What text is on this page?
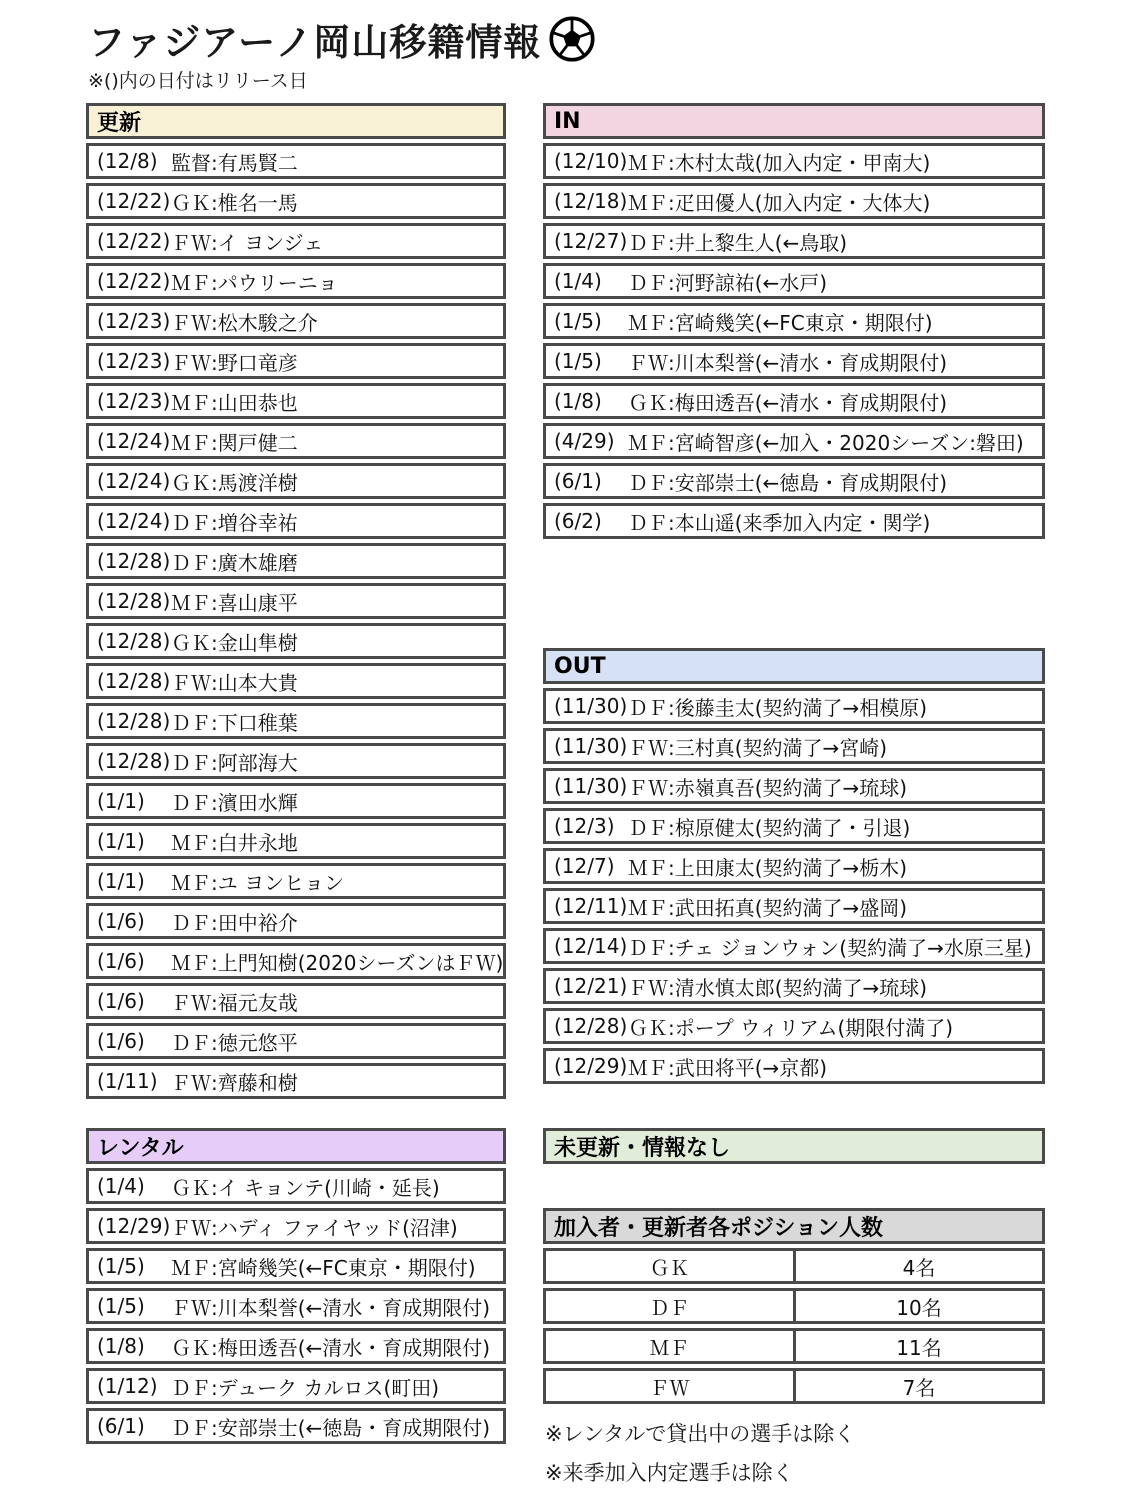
ファジアーノ岡山移籍情報
※()内の日付はリリース日
更新
(12/8) 監督:有馬賢二
(12/22) ＧＫ:椎名一馬
(12/22) ＦＷ:イ ヨンジェ
(12/22) ＭＦ:パウリーニョ
(12/23) ＦＷ:松木駿之介
(12/23) ＦＷ:野口竜彦
(12/23) ＭＦ:山田恭也
(12/24) ＭＦ:関戸健二
(12/24) ＧＫ:馬渡洋樹
(12/24) ＤＦ:増谷幸祐
(12/28) ＤＦ:廣木雄磨
(12/28) ＭＦ:喜山康平
(12/28) ＧＫ:金山隼樹
(12/28) ＦＷ:山本大貴
(12/28) ＤＦ:下口稚葉
(12/28) ＤＦ:阿部海大
(1/1)	ＤＦ:濱田水輝
(1/1)	ＭＦ:白井永地
(1/1)	ＭＦ:ユ ヨンヒョン
(1/6)	ＤＦ:田中裕介
(1/6)	ＭＦ:上門知樹(2020シーズンはＦＷ)
(1/6)	ＦＷ:福元友哉
(1/6)	ＤＦ:徳元悠平
(1/11) ＦＷ:齊藤和樹
IN
(12/10) ＭＦ:木村太哉(加入内定・甲南大)
(12/18) ＭＦ:疋田優人(加入内定・大体大)
(12/27) ＤＦ:井上黎生人(←鳥取)
(1/4)	ＤＦ:河野諒祐(←水戸)
(1/5)	ＭＦ:宮崎幾笑(←FC東京・期限付)
(1/5)	ＦＷ:川本梨誉(←清水・育成期限付)
(1/8)	ＧＫ:梅田透吾(←清水・育成期限付)
(4/29) ＭＦ:宮崎智彦(←加入・2020シーズン:磐田)
(6/1)	ＤＦ:安部崇士(←徳島・育成期限付)
(6/2)	ＤＦ:本山遥(来季加入内定・関学)
OUT
(11/30) ＤＦ:後藤圭太(契約満了→相模原)
(11/30) ＦＷ:三村真(契約満了→宮崎)
(11/30) ＦＷ:赤嶺真吾(契約満了→琉球)
(12/3) ＤＦ:椋原健太(契約満了・引退)
(12/7) ＭＦ:上田康太(契約満了→栃木)
(12/11) ＭＦ:武田拓真(契約満了→盛岡)
(12/14) ＤＦ:チェ ジョンウォン(契約満了→水原三星)
(12/21) ＦＷ:清水慎太郎(契約満了→琉球)
(12/28) ＧＫ:ポープ ウィリアム(期限付満了)
(12/29) ＭＦ:武田将平(→京都)
レンタル
(1/4)	ＧＫ:イ キョンテ(川崎・延長)
(12/29) ＦＷ:ハディ ファイヤッド(沼津)
(1/5)	ＭＦ:宮崎幾笑(←FC東京・期限付)
(1/5)	ＦＷ:川本梨誉(←清水・育成期限付)
(1/8)	ＧＫ:梅田透吾(←清水・育成期限付)
(1/12) ＤＦ:デューク カルロス(町田)
(6/1)	ＤＦ:安部崇士(←徳島・育成期限付)
未更新・情報なし
加入者・更新者各ポジション人数
ＧＫ	4名
ＤＦ	10名
ＭＦ	11名
ＦＷ	7名
※レンタルで貸出中の選手は除く
※来季加入内定選手は除く
